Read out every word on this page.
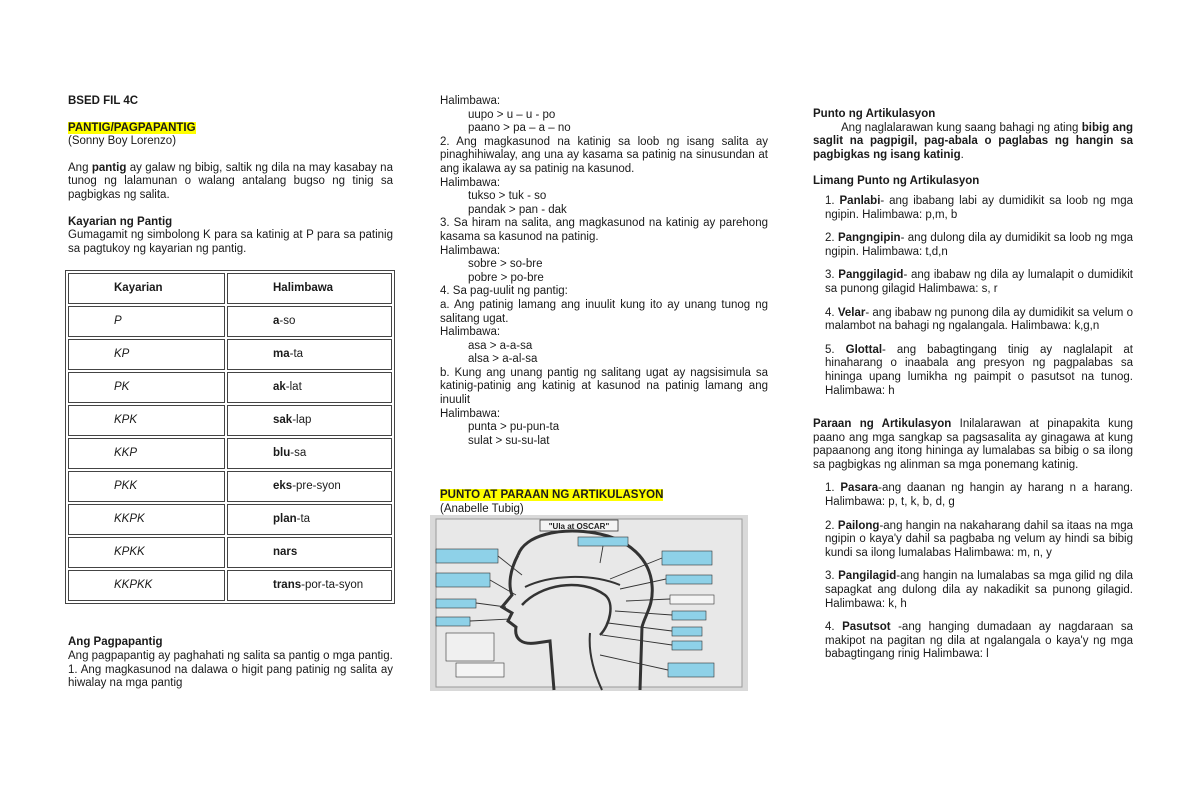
BSED FIL 4C

PANTIG/PAGPAPANTIG

(Sonny Boy Lorenzo)

Ang pantig ay galaw ng bibig, saltik ng dila na may kasabay na tunog ng lalamunan o walang antalang bugso ng tinig sa pagbigkas ng salita.

Kayarian ng Pantig

Gumagamit ng simbolong K para sa katinig at P para sa patinig sa pagtukoy ng kayarian ng pantig.

Kayarian	Halimbawa
P	a-so
KP	ma-ta
PK	ak-lat
KPK	sak-lap
KKP	blu-sa
PKK	eks-pre-syon
KKPK	plan-ta
KPKK	nars
KKPKK	trans-por-ta-syon

Ang Pagpapantig

Ang pagpapantig ay paghahati ng salita sa pantig o mga pantig.

1. Ang magkasunod na dalawa o higit pang patinig ng salita ay hiwalay na mga pantig

Halimbawa:

uupo > u – u - po

paano > pa – a – no

2. Ang magkasunod na katinig sa loob ng isang salita ay pinaghihiwalay, ang una ay kasama sa patinig na sinusundan at ang ikalawa ay sa patinig na kasunod.

Halimbawa:

tukso > tuk - so

pandak > pan - dak

3. Sa hiram na salita, ang magkasunod na katinig ay parehong kasama sa kasunod na patinig.

Halimbawa:

sobre > so-bre

pobre > po-bre

4. Sa pag-uulit ng pantig:

a. Ang patinig lamang ang inuulit kung ito ay unang tunog ng salitang ugat.

Halimbawa:

asa > a-a-sa

alsa > a-al-sa

b. Kung ang unang pantig ng salitang ugat ay nagsisimula sa katinig-patinig ang katinig at kasunod na patinig lamang ang inuulit

Halimbawa:

punta > pu-pun-ta

sulat > su-su-lat

PUNTO AT PARAAN NG ARTIKULASYON

(Anabelle Tubig)

"Ula at OSCAR"

Punto ng Artikulasyon

Ang naglalarawan kung saang bahagi ng ating bibig ang saglit na pagpigil, pag-abala o paglabas ng hangin sa pagbigkas ng isang katinig.

Limang Punto ng Artikulasyon

1. Panlabi- ang ibabang labi ay dumidikit sa loob ng mga ngipin. Halimbawa: p,m, b

2. Pangngipin- ang dulong dila ay dumidikit sa loob ng mga ngipin. Halimbawa: t,d,n

3. Panggilagid- ang ibabaw ng dila ay lumalapit o dumidikit sa punong gilagid Halimbawa: s, r

4. Velar- ang ibabaw ng punong dila ay dumidikit sa velum o malambot na bahagi ng ngalangala. Halimbawa: k,g,n

5. Glottal- ang babagtingang tinig ay naglalapit at hinaharang o inaabala ang presyon ng pagpalabas sa hininga upang lumikha ng paimpit o pasutsot na tunog. Halimbawa: h

Paraan ng Artikulasyon Inilalarawan at pinapakita kung paano ang mga sangkap sa pagsasalita ay ginagawa at kung papaanong ang itong hininga ay lumalabas sa bibig o sa ilong sa pagbigkas ng alinman sa mga ponemang katinig.

1. Pasara-ang daanan ng hangin ay harang n a harang. Halimbawa: p, t, k, b, d, g

2. Pailong-ang hangin na nakaharang dahil sa itaas na mga ngipin o kaya'y dahil sa pagbaba ng velum ay hindi sa bibig kundi sa ilong lumalabas Halimbawa: m, n, y

3. Pangilagid-ang hangin na lumalabas sa mga gilid ng dila sapagkat ang dulong dila ay nakadikit sa punong gilagid. Halimbawa: k, h

4. Pasutsot -ang hanging dumadaan ay nagdaraan sa makipot na pagitan ng dila at ngalangala o kaya'y ng mga babagtingang rinig Halimbawa: l
